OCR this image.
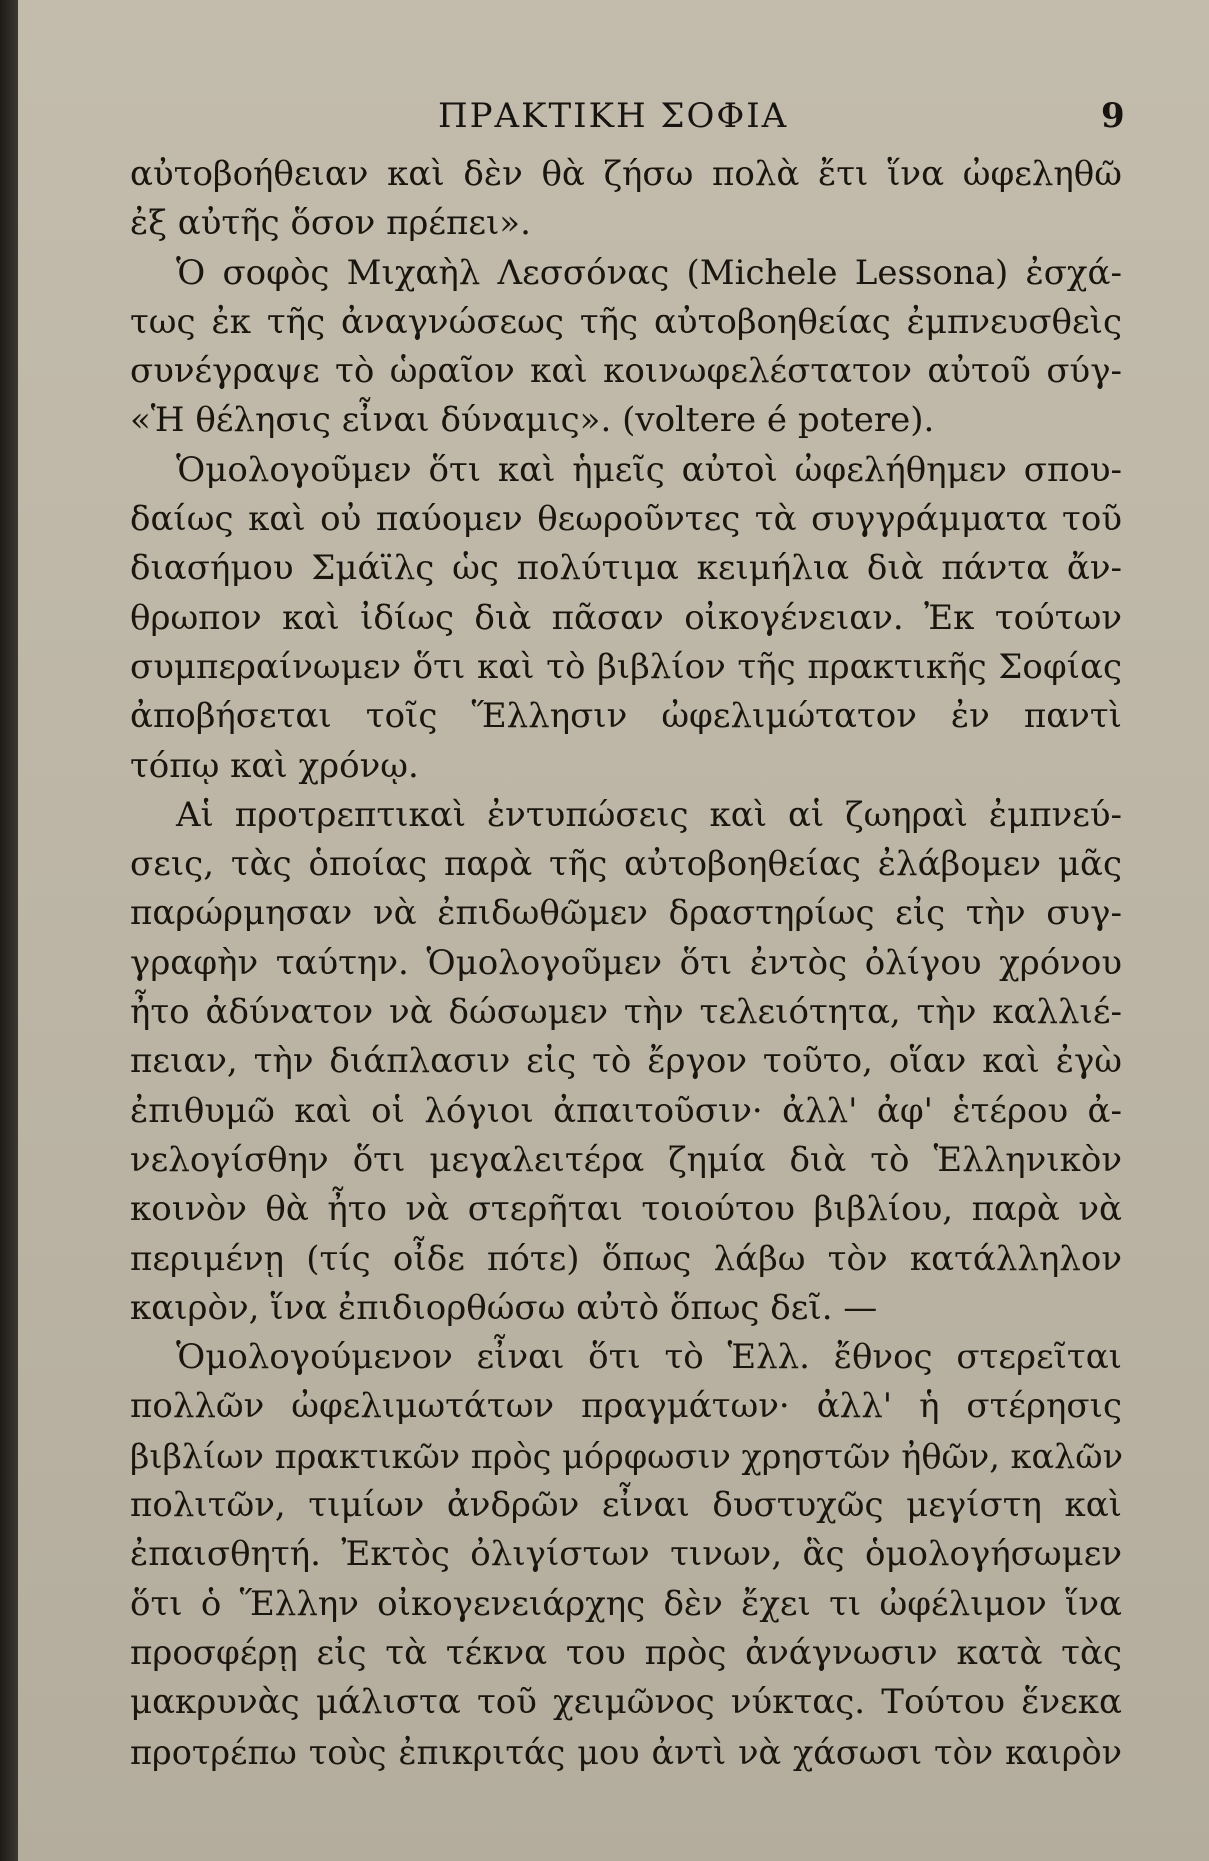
ΠΡΑΚΤΙΚΗ ΣΟΦΙΑ	9
αὐτοβοήθειαν καὶ δὲν θὰ ζήσω πολὰ ἔτι ἵνα ὠφεληθῶ
ἐξ αὐτῆς ὅσον πρέπει».
Ὁ σοφὸς Μιχαὴλ Λεσσόνας (Michele Lessona) ἐσχά-
τως ἐκ τῆς ἀναγνώσεως τῆς αὐτοβοηθείας ἐμπνευσθεὶς
συνέγραψε τὸ ὡραῖον καὶ κοινωφελέστατον αὐτοῦ σύγ-
«Ἡ θέλησις εἶναι δύναμις». (voltere é potere).
Ὁμολογοῦμεν ὅτι καὶ ἡμεῖς αὐτοὶ ὠφελήθημεν σπου-
δαίως καὶ οὐ παύομεν θεωροῦντες τὰ συγγράμματα τοῦ
διασήμου Σμάϊλς ὡς πολύτιμα κειμήλια διὰ πάντα ἄν-
θρωπον καὶ ἰδίως διὰ πᾶσαν οἰκογένειαν. Ἐκ τούτων
συμπεραίνωμεν ὅτι καὶ τὸ βιβλίον τῆς πρακτικῆς Σοφίας
ἀποβήσεται τοῖς Ἕλλησιν ὠφελιμώτατον ἐν παντὶ
τόπῳ καὶ χρόνῳ.
Αἱ προτρεπτικαὶ ἐντυπώσεις καὶ αἱ ζωηραὶ ἐμπνεύ-
σεις, τὰς ὁποίας παρὰ τῆς αὐτοβοηθείας ἐλάβομεν μᾶς
παρώρμησαν νὰ ἐπιδωθῶμεν δραστηρίως εἰς τὴν συγ-
γραφὴν ταύτην. Ὁμολογοῦμεν ὅτι ἐντὸς ὀλίγου χρόνου
ἦτο ἀδύνατον νὰ δώσωμεν τὴν τελειότητα, τὴν καλλιέ-
πειαν, τὴν διάπλασιν εἰς τὸ ἔργον τοῦτο, οἵαν καὶ ἐγὼ
ἐπιθυμῶ καὶ οἱ λόγιοι ἀπαιτοῦσιν· ἀλλ' ἀφ' ἑτέρου ἀ-
νελογίσθην ὅτι μεγαλειτέρα ζημία διὰ τὸ Ἑλληνικὸν
κοινὸν θὰ ἦτο νὰ στερῆται τοιούτου βιβλίου, παρὰ νὰ
περιμένῃ (τίς οἶδε πότε) ὅπως λάβω τὸν κατάλληλον
καιρὸν, ἵνα ἐπιδιορθώσω αὐτὸ ὅπως δεῖ. —
Ὁμολογούμενον εἶναι ὅτι τὸ Ἑλλ. ἔθνος στερεῖται
πολλῶν ὠφελιμωτάτων πραγμάτων· ἀλλ' ἡ στέρησις
βιβλίων πρακτικῶν πρὸς μόρφωσιν χρηστῶν ἠθῶν, καλῶν
πολιτῶν, τιμίων ἀνδρῶν εἶναι δυστυχῶς μεγίστη καὶ
ἐπαισθητή. Ἐκτὸς ὀλιγίστων τινων, ἃς ὁμολογήσωμεν
ὅτι ὁ Ἕλλην οἰκογενειάρχης δὲν ἔχει τι ὠφέλιμον ἵνα
προσφέρῃ εἰς τὰ τέκνα του πρὸς ἀνάγνωσιν κατὰ τὰς
μακρυνὰς μάλιστα τοῦ χειμῶνος νύκτας. Τούτου ἕνεκα
προτρέπω τοὺς ἐπικριτάς μου ἀντὶ νὰ χάσωσι τὸν καιρὸν
